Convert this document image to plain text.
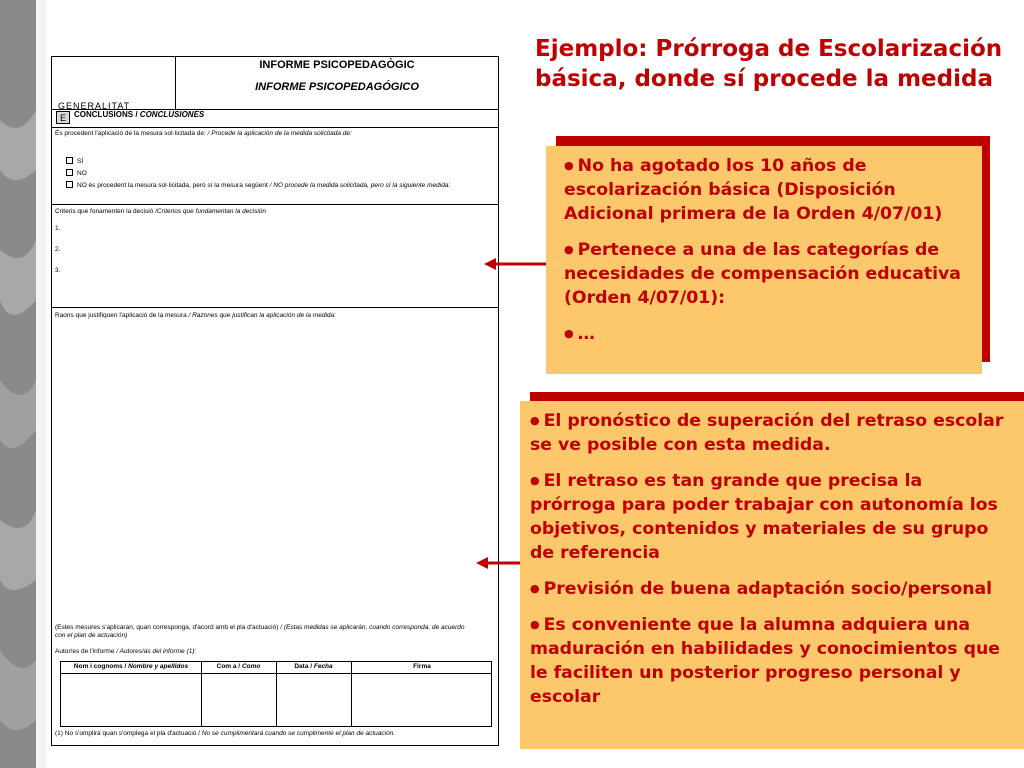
Ejemplo: Prórroga de Escolarización básica, donde sí procede la medida
GENERALITAT
INFORME PSICOPEDAGÒGIC
INFORME PSICOPEDAGÓGICO
E	CONCLUSIONS / CONCLUSIONES
És procedent l'aplicació de la mesura sol·licitada de: / Procede la aplicación de la medida solicitada de:
SÍ
NO
NO és procedent la mesura sol·licitada, però sí la mesura següent / NO procede la medida solicitada, pero sí la siguiente medida:
Criteris que fonamenten la decisió /Criterios que fundamentan la decisión
1.
2.
3.
Raons que justifiquen l'aplicació de la mesura / Razones que justifican la aplicación de la medida:
(Estes mesures s'aplicaran, quan corresponga, d'acord amb el pla d'actuació) / (Estas medidas se aplicarán, cuando corresponda, de acuerdo
con el plan de actuación)
Autor/es de l'informe / Autores/as del informe (1):
Nom i cognoms / Nombre y apellidos	Com a / Como	Data / Fecha	Firma
(1) No s'omplirà quan s'omplega el pla d'actuació / No se cumplimentará cuando se cumplimente el plan de actuación.
● No ha agotado los 10 años de escolarización básica (Disposición Adicional primera de la Orden 4/07/01)
● Pertenece a una de las categorías de necesidades de compensación educativa (Orden 4/07/01):
● …
● El pronóstico de superación del retraso escolar se ve posible con esta medida.
● El retraso es tan grande que precisa la prórroga para poder trabajar con autonomía los objetivos, contenidos y materiales de su grupo de referencia
● Previsión de buena adaptación socio/personal
● Es conveniente que la alumna adquiera una maduración en habilidades y conocimientos que le faciliten un posterior progreso personal y escolar
